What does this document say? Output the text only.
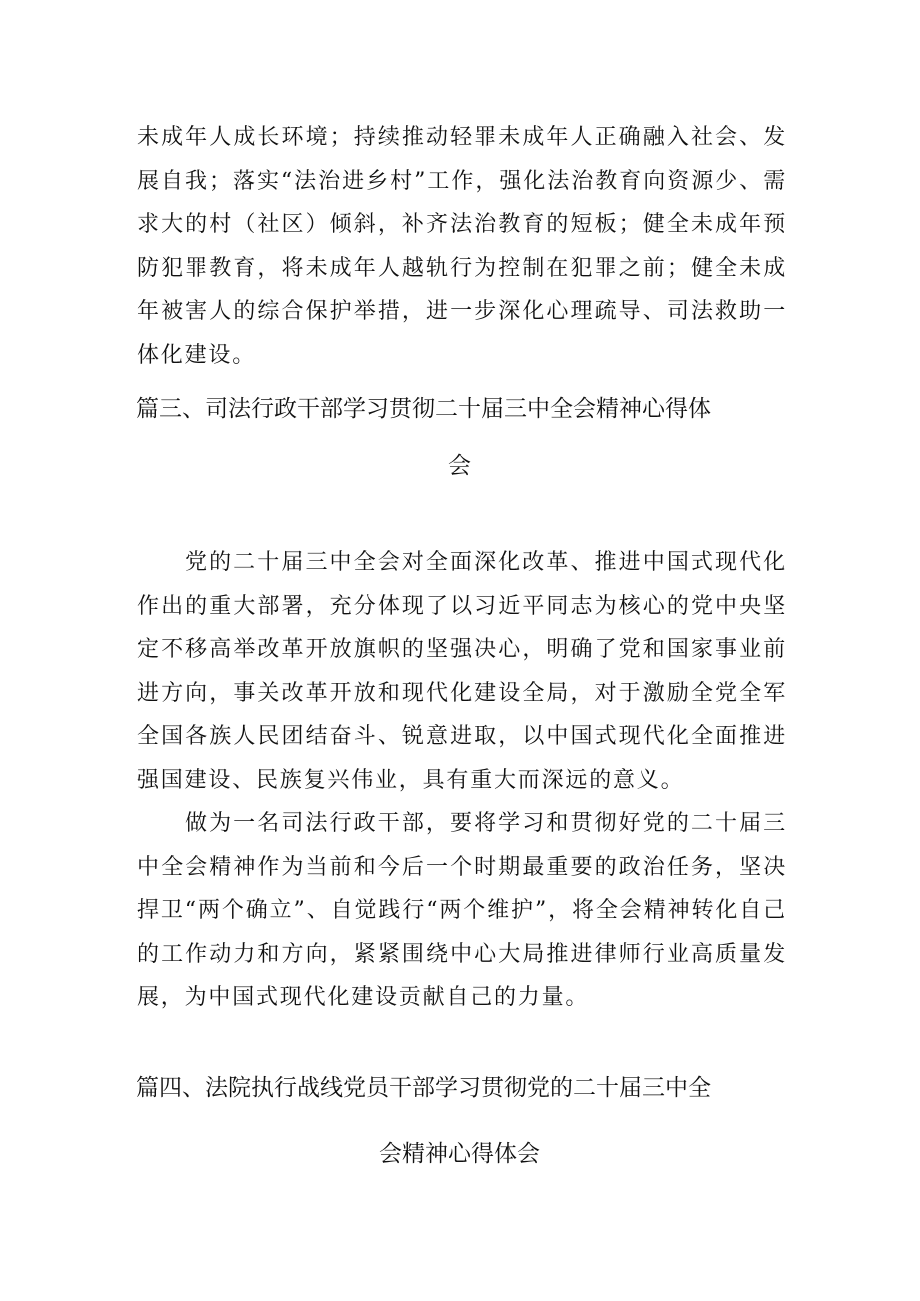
未成年人成长环境；持续推动轻罪未成年人正确融入社会、发展自我；落实“法治进乡村”工作，强化法治教育向资源少、需求大的村（社区）倾斜，补齐法治教育的短板；健全未成年预防犯罪教育，将未成年人越轨行为控制在犯罪之前；健全未成年被害人的综合保护举措，进一步深化心理疏导、司法救助一体化建设。

篇三、司法行政干部学习贯彻二十届三中全会精神心得体
会

党的二十届三中全会对全面深化改革、推进中国式现代化作出的重大部署，充分体现了以习近平同志为核心的党中央坚定不移高举改革开放旗帜的坚强决心，明确了党和国家事业前进方向，事关改革开放和现代化建设全局，对于激励全党全军全国各族人民团结奋斗、锐意进取，以中国式现代化全面推进强国建设、民族复兴伟业，具有重大而深远的意义。

做为一名司法行政干部，要将学习和贯彻好党的二十届三中全会精神作为当前和今后一个时期最重要的政治任务，坚决捍卫“两个确立”、自觉践行“两个维护”，将全会精神转化自己的工作动力和方向，紧紧围绕中心大局推进律师行业高质量发展，为中国式现代化建设贡献自己的力量。

篇四、法院执行战线党员干部学习贯彻党的二十届三中全
会精神心得体会
